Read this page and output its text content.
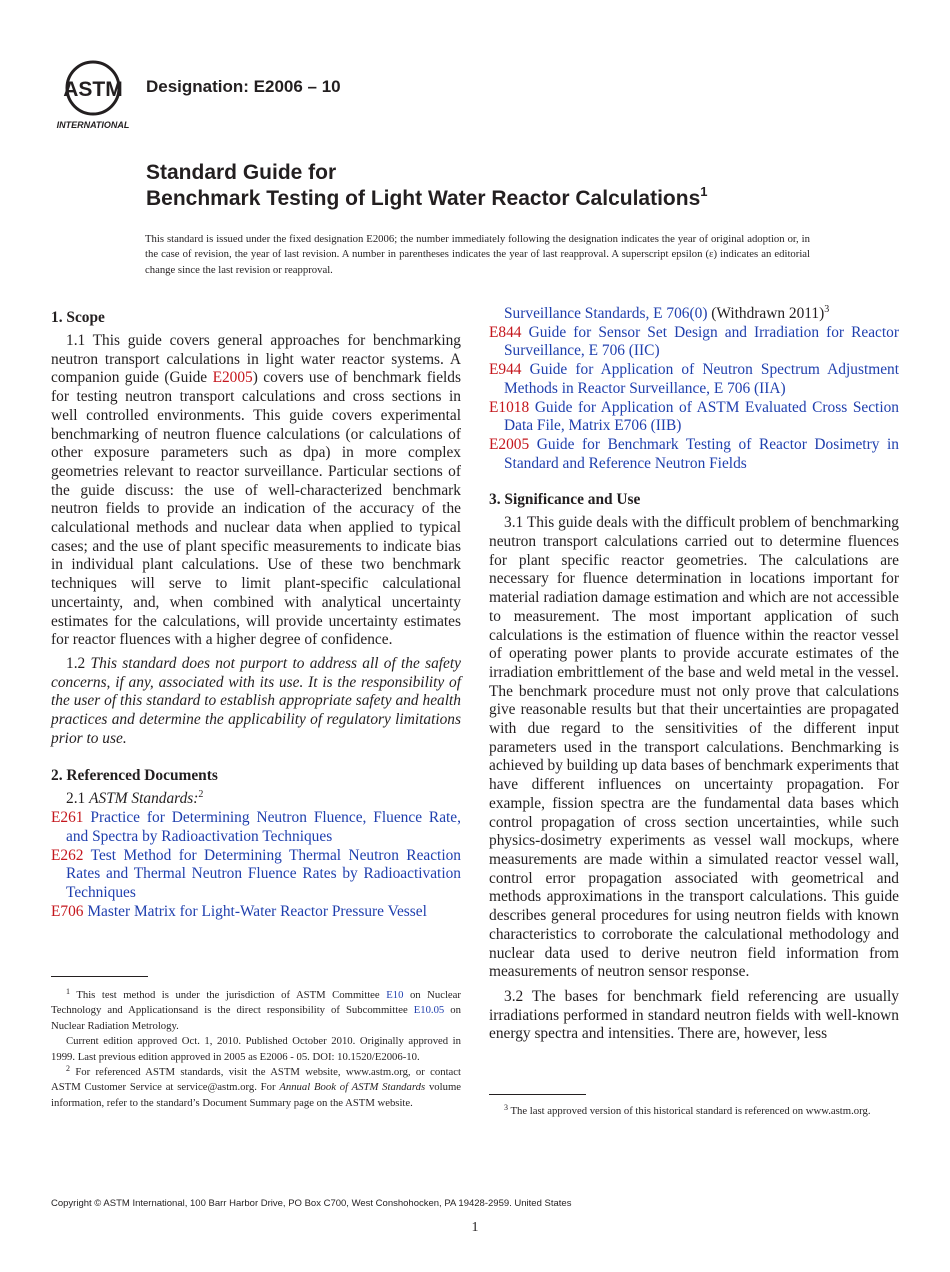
ASTM
INTERNATIONAL
Designation: E2006 – 10
Standard Guide for
Benchmark Testing of Light Water Reactor Calculations$^1$
This standard is issued under the fixed designation E2006; the number immediately following the designation indicates the year of original adoption or, in the case of revision, the year of last revision. A number in parentheses indicates the year of last reapproval. A superscript epsilon (ε) indicates an editorial change since the last revision or reapproval.
1. Scope

1.1 This guide covers general approaches for benchmarking neutron transport calculations in light water reactor systems. A companion guide (Guide E2005) covers use of benchmark fields for testing neutron transport calculations and cross sections in well controlled environments. This guide covers experimental benchmarking of neutron fluence calculations (or calculations of other exposure parameters such as dpa) in more complex geometries relevant to reactor surveillance. Particular sections of the guide discuss: the use of well-characterized benchmark neutron fields to provide an indication of the accuracy of the calculational methods and nuclear data when applied to typical cases; and the use of plant specific measurements to indicate bias in individual plant calculations. Use of these two benchmark techniques will serve to limit plant-specific calculational uncertainty, and, when combined with analytical uncertainty estimates for the calculations, will provide uncertainty estimates for reactor fluences with a higher degree of confidence.

1.2 This standard does not purport to address all of the safety concerns, if any, associated with its use. It is the responsibility of the user of this standard to establish appropriate safety and health practices and determine the applicability of regulatory limitations prior to use.

2. Referenced Documents

2.1 ASTM Standards:$^2$

E261 Practice for Determining Neutron Fluence, Fluence Rate, and Spectra by Radioactivation Techniques
E262 Test Method for Determining Thermal Neutron Reaction Rates and Thermal Neutron Fluence Rates by Radioactivation Techniques
E706 Master Matrix for Light-Water Reactor Pressure Vessel

$^1$ This test method is under the jurisdiction of ASTM Committee E10 on Nuclear Technology and Applicationsand is the direct responsibility of Subcommittee E10.05 on Nuclear Radiation Metrology.

Current edition approved Oct. 1, 2010. Published October 2010. Originally approved in 1999. Last previous edition approved in 2005 as E2006 - 05. DOI: 10.1520/E2006-10.

$^2$ For referenced ASTM standards, visit the ASTM website, www.astm.org, or contact ASTM Customer Service at service@astm.org. For Annual Book of ASTM Standards volume information, refer to the standard’s Document Summary page on the ASTM website.

Surveillance Standards, E 706(0) (Withdrawn 2011)$^3$
E844 Guide for Sensor Set Design and Irradiation for Reactor Surveillance, E 706 (IIC)
E944 Guide for Application of Neutron Spectrum Adjustment Methods in Reactor Surveillance, E 706 (IIA)
E1018 Guide for Application of ASTM Evaluated Cross Section Data File, Matrix E706 (IIB)
E2005 Guide for Benchmark Testing of Reactor Dosimetry in Standard and Reference Neutron Fields
3. Significance and Use

3.1 This guide deals with the difficult problem of benchmarking neutron transport calculations carried out to determine fluences for plant specific reactor geometries. The calculations are necessary for fluence determination in locations important for material radiation damage estimation and which are not accessible to measurement. The most important application of such calculations is the estimation of fluence within the reactor vessel of operating power plants to provide accurate estimates of the irradiation embrittlement of the base and weld metal in the vessel. The benchmark procedure must not only prove that calculations give reasonable results but that their uncertainties are propagated with due regard to the sensitivities of the different input parameters used in the transport calculations. Benchmarking is achieved by building up data bases of benchmark experiments that have different influences on uncertainty propagation. For example, fission spectra are the fundamental data bases which control propagation of cross section uncertainties, while such physics-dosimetry experiments as vessel wall mockups, where measurements are made within a simulated reactor vessel wall, control error propagation associated with geometrical and methods approximations in the transport calculations. This guide describes general procedures for using neutron fields with known characteristics to corroborate the calculational methodology and nuclear data used to derive neutron field information from measurements of neutron sensor response.

3.2 The bases for benchmark field referencing are usually irradiations performed in standard neutron fields with well-known energy spectra and intensities. There are, however, less

$^3$ The last approved version of this historical standard is referenced on www.astm.org.

Copyright © ASTM International, 100 Barr Harbor Drive, PO Box C700, West Conshohocken, PA 19428-2959. United States
1
